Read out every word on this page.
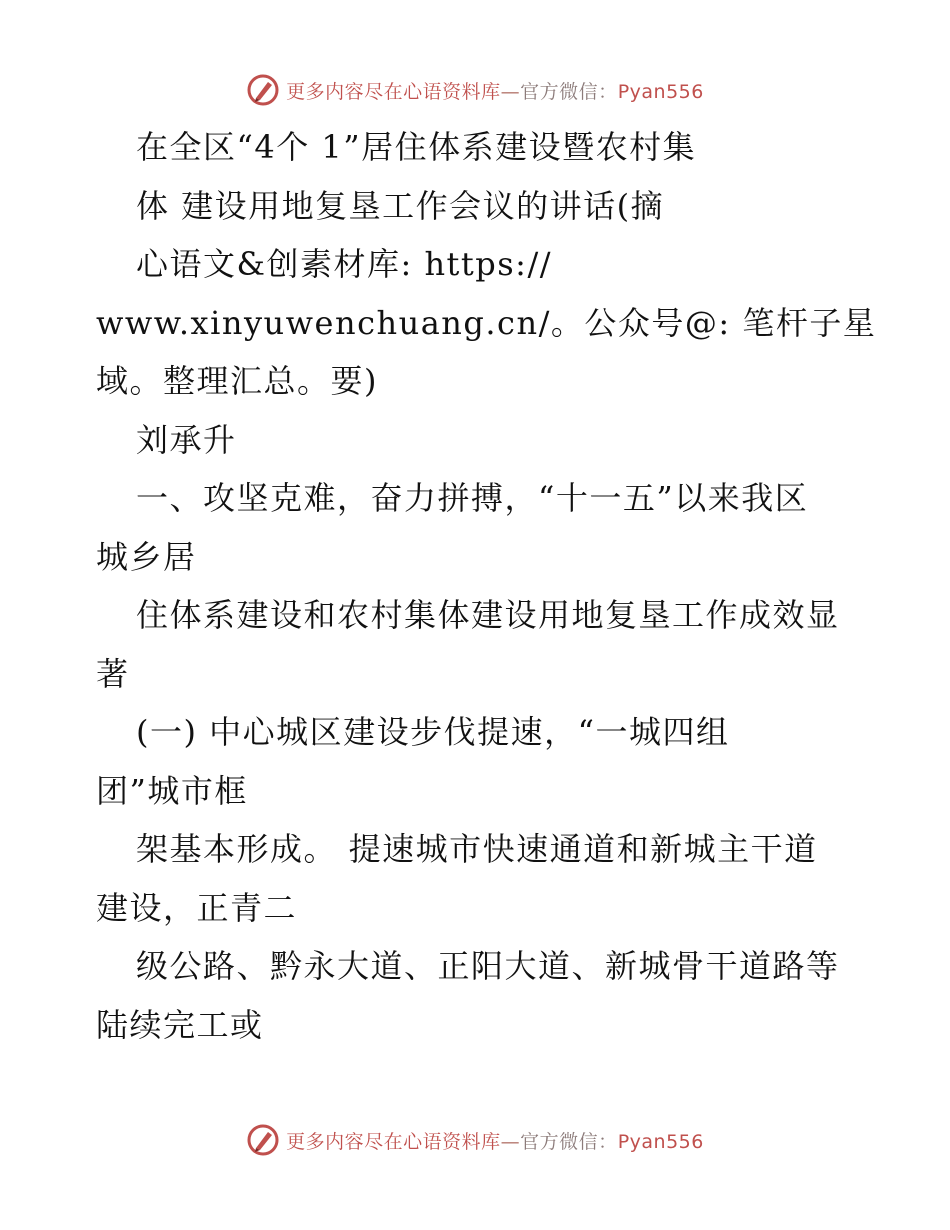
更多内容尽在心语资料库—官方微信：Pyan556
在全区“4个 1”居住体系建设暨农村集
体 建设用地复垦工作会议的讲话(摘
心语文&创素材库: https://
www.xinyuwenchuang.cn/。公众号@: 笔杆子星
域。整理汇总。要)
刘承升
一、攻坚克难，奋力拼搏，“十一五”以来我区
城乡居
住体系建设和农村集体建设用地复垦工作成效显
著
(一) 中心城区建设步伐提速，“一城四组
团”城市框
架基本形成。 提速城市快速通道和新城主干道
建设，正青二
级公路、黔永大道、正阳大道、新城骨干道路等
陆续完工或
更多内容尽在心语资料库—官方微信：Pyan556
